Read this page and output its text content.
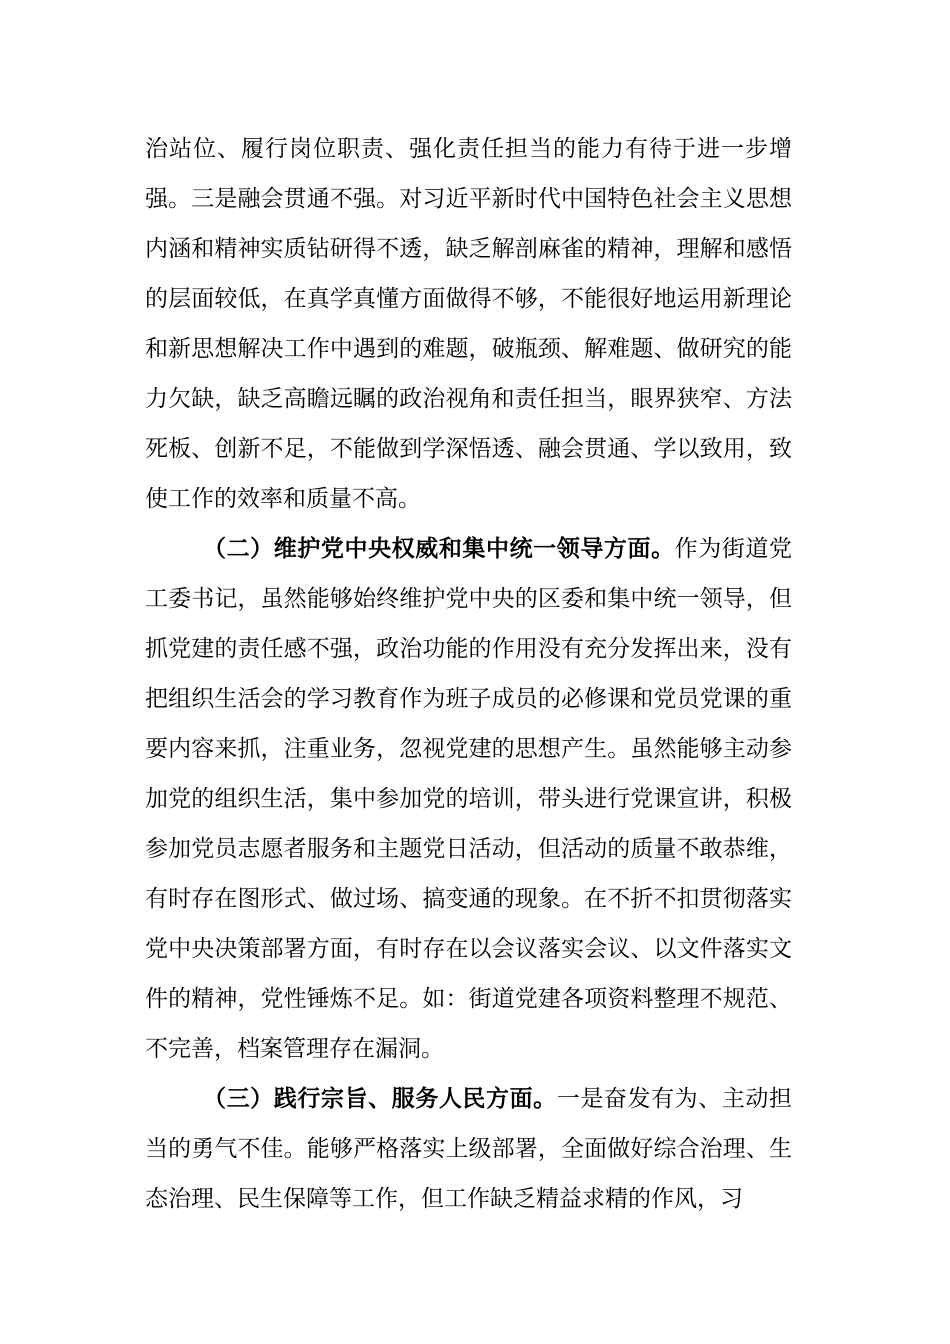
治站位、履行岗位职责、强化责任担当的能力有待于进一步增强。三是融会贯通不强。对习近平新时代中国特色社会主义思想内涵和精神实质钻研得不透，缺乏解剖麻雀的精神，理解和感悟的层面较低，在真学真懂方面做得不够，不能很好地运用新理论和新思想解决工作中遇到的难题，破瓶颈、解难题、做研究的能力欠缺，缺乏高瞻远瞩的政治视角和责任担当，眼界狭窄、方法死板、创新不足，不能做到学深悟透、融会贯通、学以致用，致使工作的效率和质量不高。

（二）维护党中央权威和集中统一领导方面。作为街道党工委书记，虽然能够始终维护党中央的区委和集中统一领导，但抓党建的责任感不强，政治功能的作用没有充分发挥出来，没有把组织生活会的学习教育作为班子成员的必修课和党员党课的重要内容来抓，注重业务，忽视党建的思想产生。虽然能够主动参加党的组织生活，集中参加党的培训，带头进行党课宣讲，积极参加党员志愿者服务和主题党日活动，但活动的质量不敢恭维，有时存在图形式、做过场、搞变通的现象。在不折不扣贯彻落实党中央决策部署方面，有时存在以会议落实会议、以文件落实文件的精神，党性锤炼不足。如：街道党建各项资料整理不规范、不完善，档案管理存在漏洞。

（三）践行宗旨、服务人民方面。一是奋发有为、主动担当的勇气不佳。能够严格落实上级部署，全面做好综合治理、生态治理、民生保障等工作，但工作缺乏精益求精的作风，习
